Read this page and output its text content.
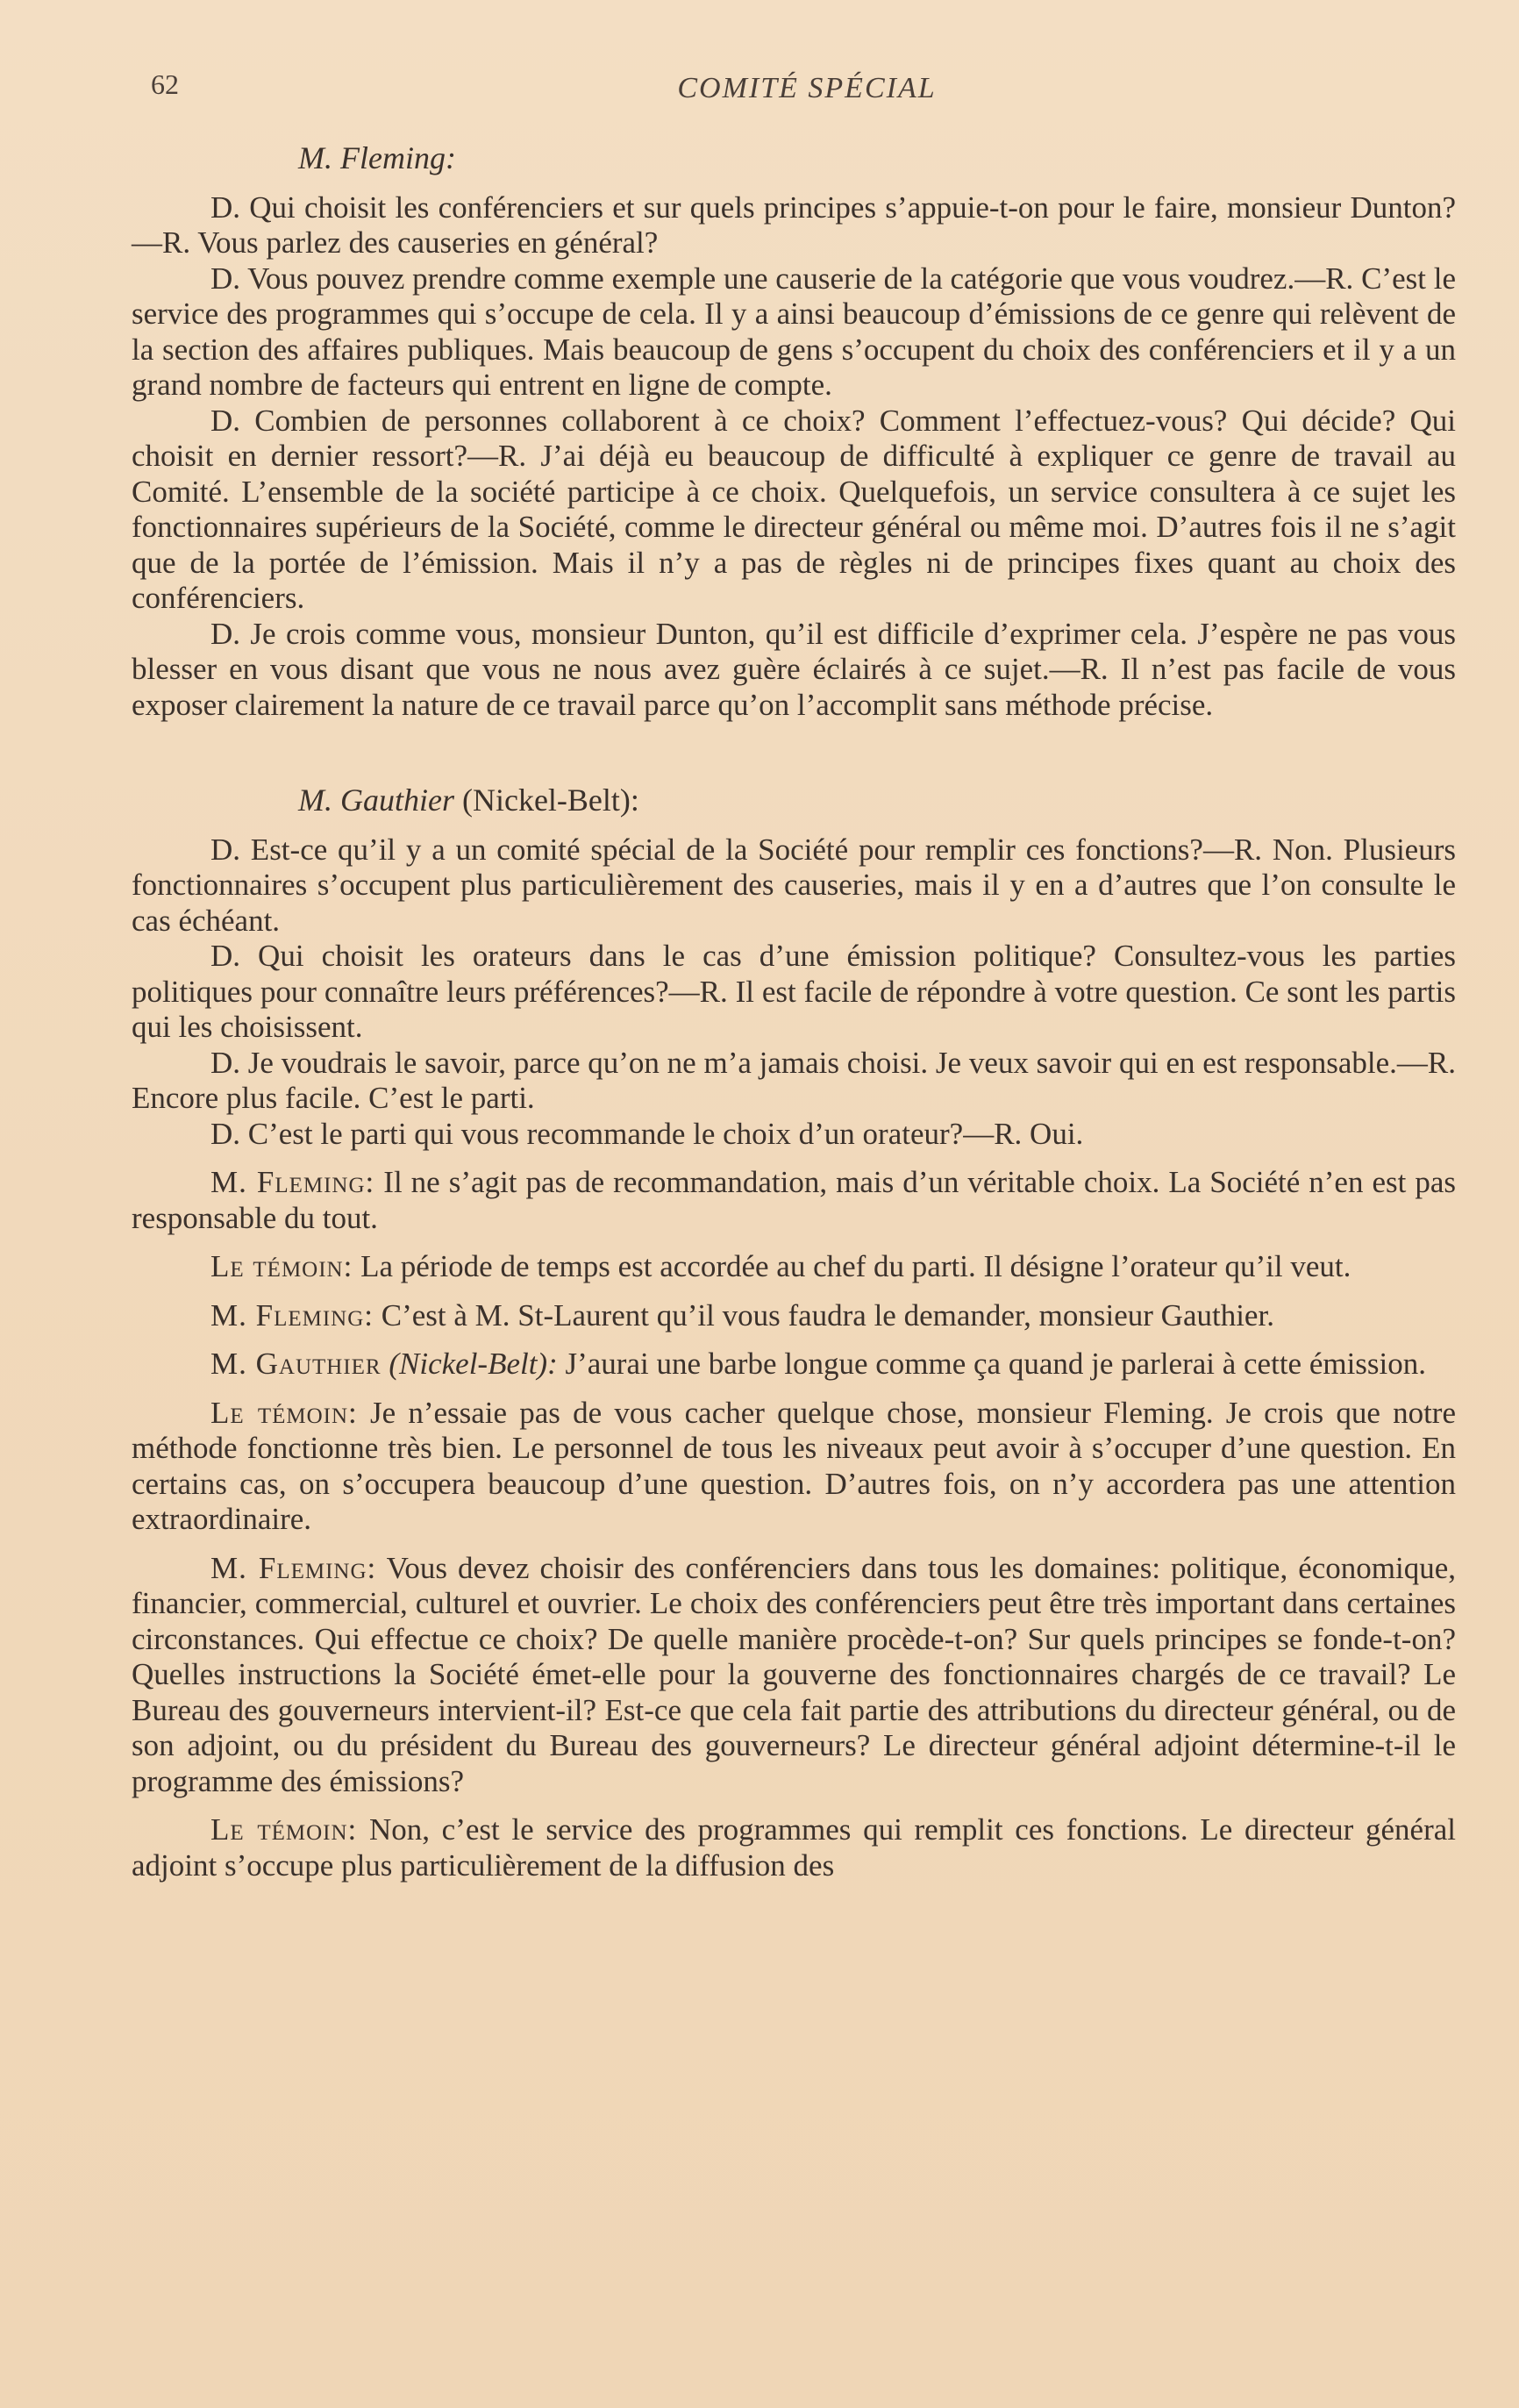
62	COMITÉ SPÉCIAL
M. Fleming:

D. Qui choisit les conférenciers et sur quels principes s’appuie-t-on pour le faire, monsieur Dunton?—R. Vous parlez des causeries en général?

D. Vous pouvez prendre comme exemple une causerie de la catégorie que vous voudrez.—R. C’est le service des programmes qui s’occupe de cela. Il y a ainsi beaucoup d’émissions de ce genre qui relèvent de la section des affaires publiques. Mais beaucoup de gens s’occupent du choix des conférenciers et il y a un grand nombre de facteurs qui entrent en ligne de compte.

D. Combien de personnes collaborent à ce choix? Comment l’effectuez-vous? Qui décide? Qui choisit en dernier ressort?—R. J’ai déjà eu beaucoup de difficulté à expliquer ce genre de travail au Comité. L’ensemble de la société participe à ce choix. Quelquefois, un service consultera à ce sujet les fonctionnaires supérieurs de la Société, comme le directeur général ou même moi. D’autres fois il ne s’agit que de la portée de l’émission. Mais il n’y a pas de règles ni de principes fixes quant au choix des conférenciers.

D. Je crois comme vous, monsieur Dunton, qu’il est difficile d’exprimer cela. J’espère ne pas vous blesser en vous disant que vous ne nous avez guère éclairés à ce sujet.—R. Il n’est pas facile de vous exposer clairement la nature de ce travail parce qu’on l’accomplit sans méthode précise.

M. Gauthier (Nickel-Belt):

D. Est-ce qu’il y a un comité spécial de la Société pour remplir ces fonctions?—R. Non. Plusieurs fonctionnaires s’occupent plus particulièrement des causeries, mais il y en a d’autres que l’on consulte le cas échéant.

D. Qui choisit les orateurs dans le cas d’une émission politique? Consultez-vous les parties politiques pour connaître leurs préférences?—R. Il est facile de répondre à votre question. Ce sont les partis qui les choisissent.

D. Je voudrais le savoir, parce qu’on ne m’a jamais choisi. Je veux savoir qui en est responsable.—R. Encore plus facile. C’est le parti.

D. C’est le parti qui vous recommande le choix d’un orateur?—R. Oui.

M. Fleming: Il ne s’agit pas de recommandation, mais d’un véritable choix. La Société n’en est pas responsable du tout.

Le témoin: La période de temps est accordée au chef du parti. Il désigne l’orateur qu’il veut.

M. Fleming: C’est à M. St-Laurent qu’il vous faudra le demander, monsieur Gauthier.

M. Gauthier (Nickel-Belt): J’aurai une barbe longue comme ça quand je parlerai à cette émission.

Le témoin: Je n’essaie pas de vous cacher quelque chose, monsieur Fleming. Je crois que notre méthode fonctionne très bien. Le personnel de tous les niveaux peut avoir à s’occuper d’une question. En certains cas, on s’occupera beaucoup d’une question. D’autres fois, on n’y accordera pas une attention extraordinaire.

M. Fleming: Vous devez choisir des conférenciers dans tous les domaines: politique, économique, financier, commercial, culturel et ouvrier. Le choix des conférenciers peut être très important dans certaines circonstances. Qui effectue ce choix? De quelle manière procède-t-on? Sur quels principes se fonde-t-on? Quelles instructions la Société émet-elle pour la gouverne des fonctionnaires chargés de ce travail? Le Bureau des gouverneurs intervient-il? Est-ce que cela fait partie des attributions du directeur général, ou de son adjoint, ou du président du Bureau des gouverneurs? Le directeur général adjoint détermine-t-il le programme des émissions?

Le témoin: Non, c’est le service des programmes qui remplit ces fonctions. Le directeur général adjoint s’occupe plus particulièrement de la diffusion des
